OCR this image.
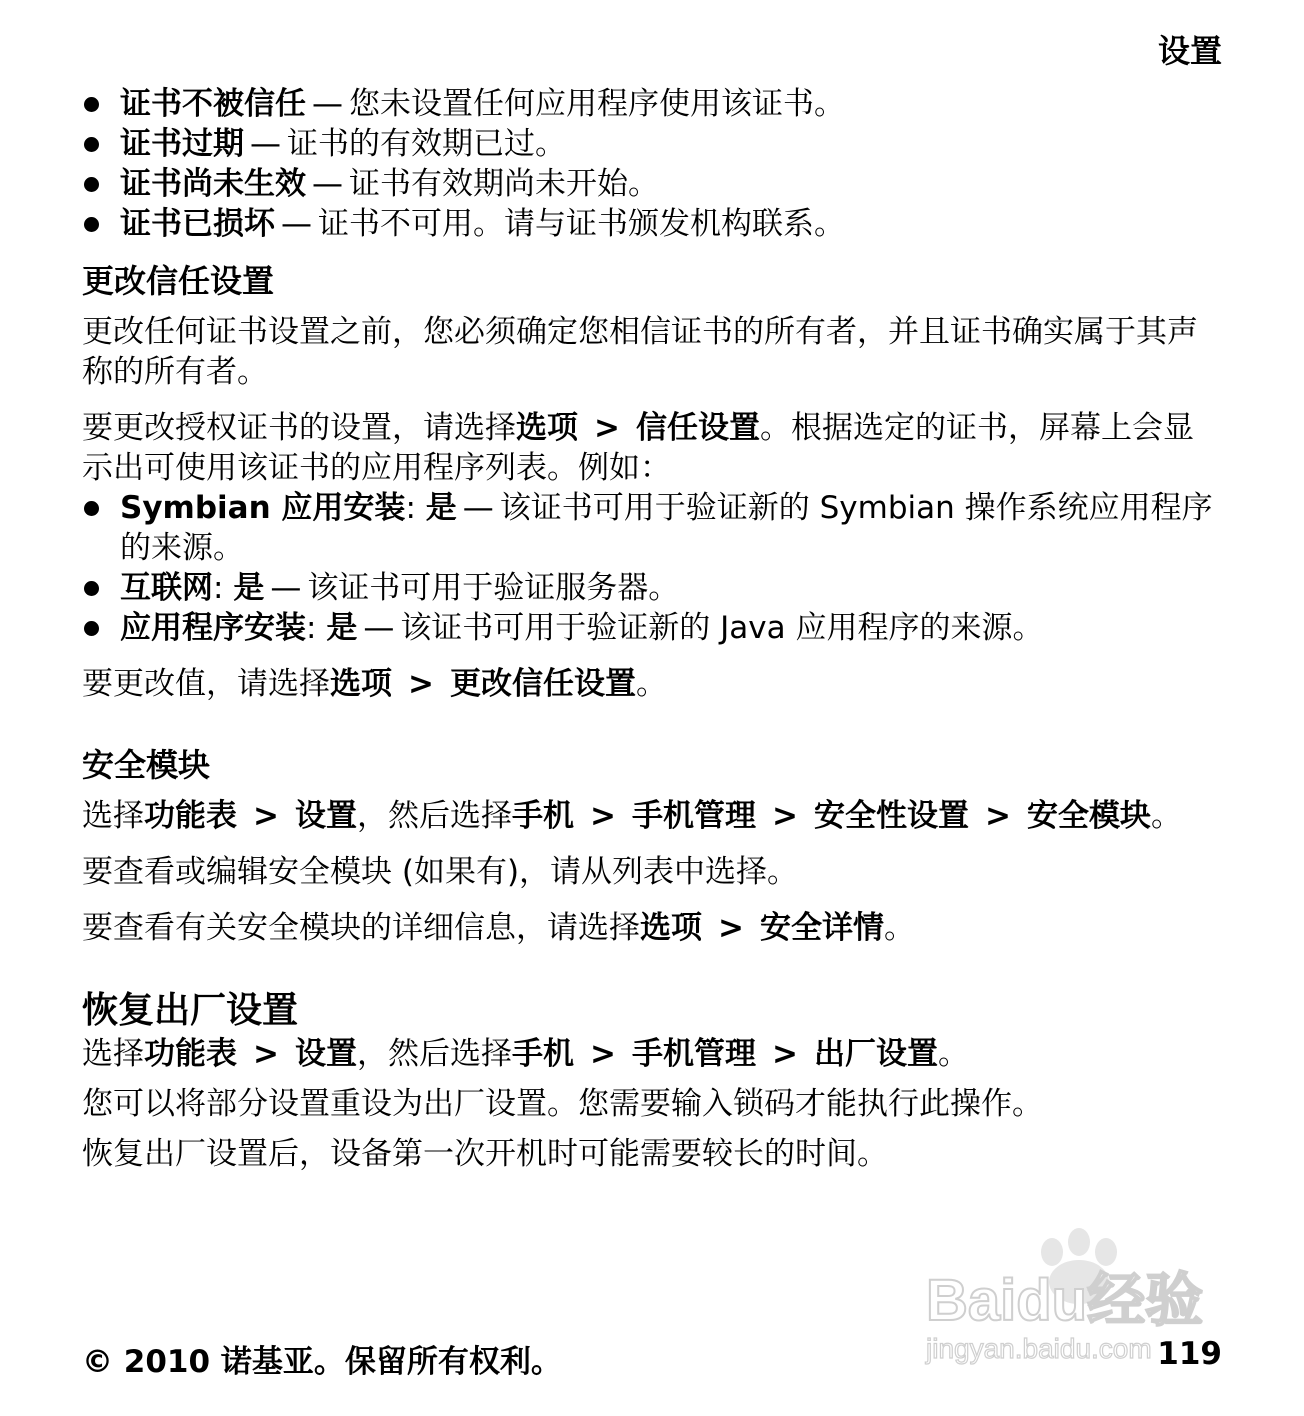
设置
证书不被信任 — 您未设置任何应用程序使用该证书。
证书过期 — 证书的有效期已过。
证书尚未生效 — 证书有效期尚未开始。
证书已损坏 — 证书不可用。请与证书颁发机构联系。
更改信任设置

更改任何证书设置之前，您必须确定您相信证书的所有者，并且证书确实属于其声称的所有者。

要更改授权证书的设置，请选择选项 > 信任设置。根据选定的证书，屏幕上会显示出可使用该证书的应用程序列表。例如：

Symbian 应用安装: 是 — 该证书可用于验证新的 Symbian 操作系统应用程序的来源。
互联网: 是 — 该证书可用于验证服务器。
应用程序安装: 是 — 该证书可用于验证新的 Java 应用程序的来源。

要更改值，请选择选项 > 更改信任设置。

安全模块

选择功能表 > 设置，然后选择手机 > 手机管理 > 安全性设置 > 安全模块。

要查看或编辑安全模块 (如果有)，请从列表中选择。

要查看有关安全模块的详细信息，请选择选项 > 安全详情。

恢复出厂设置

选择功能表 > 设置，然后选择手机 > 手机管理 > 出厂设置。

您可以将部分设置重设为出厂设置。您需要输入锁码才能执行此操作。

恢复出厂设置后，设备第一次开机时可能需要较长的时间。

Baidu经验
jingyan.baidu.com
© 2010 诺基亚。保留所有权利。	119
